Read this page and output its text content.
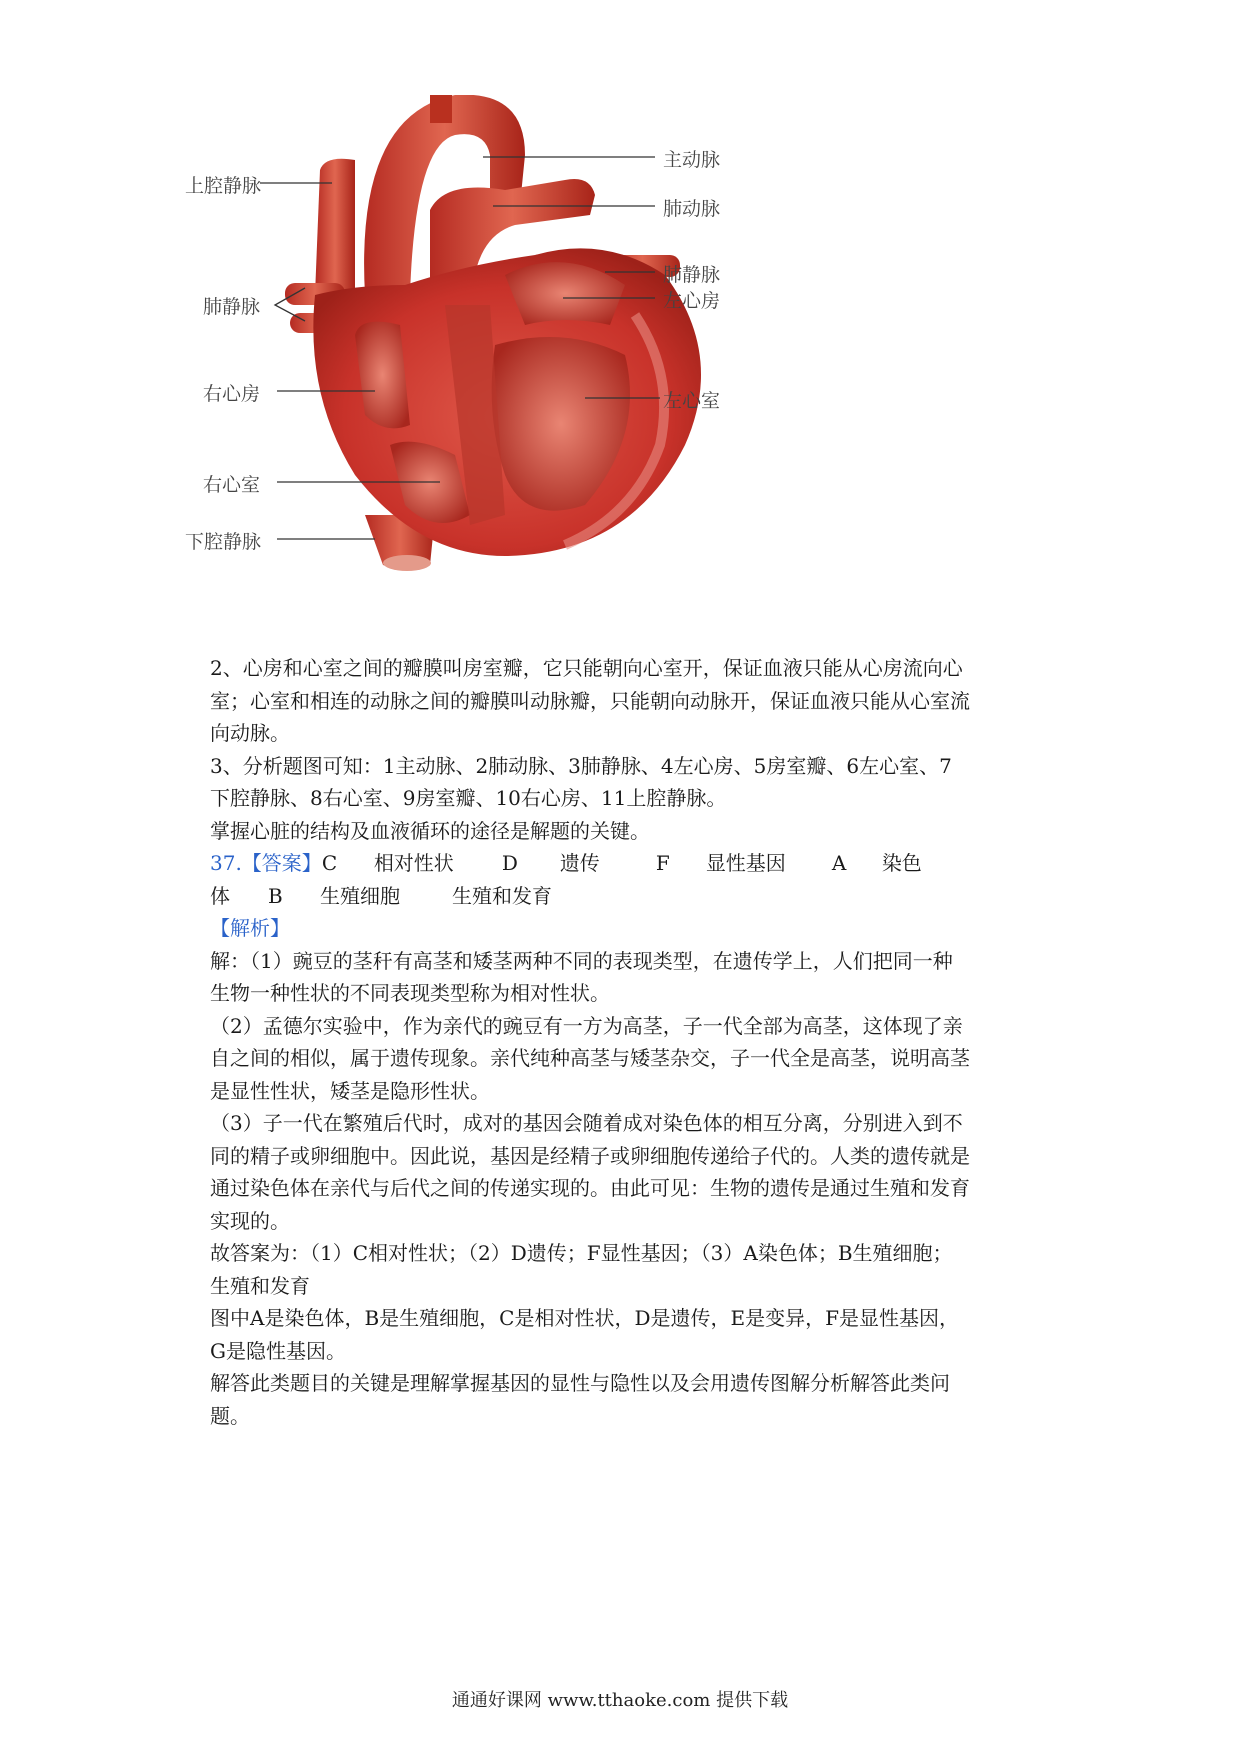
上腔静脉
主动脉
肺动脉
肺静脉
左心房
肺静脉
右心房	左心室
右心室
下腔静脉

2、心房和心室之间的瓣膜叫房室瓣，它只能朝向心室开，保证血液只能从心房流向心

室；心室和相连的动脉之间的瓣膜叫动脉瓣，只能朝向动脉开，保证血液只能从心室流

向动脉。

3、分析题图可知：1主动脉、2肺动脉、3肺静脉、4左心房、5房室瓣、6左心室、7

下腔静脉、8右心室、9房室瓣、10右心房、11上腔静脉。

掌握心脏的结构及血液循环的途径是解题的关键。

37.【答案】 C	相对性状	D	遗传	F	显性基因	A	染色

体	B	生殖细胞	生殖和发育

【解析】

解：（1）豌豆的茎秆有高茎和矮茎两种不同的表现类型，在遗传学上，人们把同一种

生物一种性状的不同表现类型称为相对性状。

（2）孟德尔实验中，作为亲代的豌豆有一方为高茎，子一代全部为高茎，这体现了亲

自之间的相似，属于遗传现象。亲代纯种高茎与矮茎杂交，子一代全是高茎，说明高茎

是显性性状，矮茎是隐形性状。

（3）子一代在繁殖后代时，成对的基因会随着成对染色体的相互分离，分别进入到不

同的精子或卵细胞中。因此说，基因是经精子或卵细胞传递给子代的。人类的遗传就是

通过染色体在亲代与后代之间的传递实现的。由此可见：生物的遗传是通过生殖和发育

实现的。

故答案为：（1）C相对性状；（2）D遗传；F显性基因；（3）A染色体；B生殖细胞；

生殖和发育

图中A是染色体，B是生殖细胞，C是相对性状，D是遗传，E是变异，F是显性基因，

G是隐性基因。

解答此类题目的关键是理解掌握基因的显性与隐性以及会用遗传图解分析解答此类问

题。

通通好课网 www.tthaoke.com 提供下载
